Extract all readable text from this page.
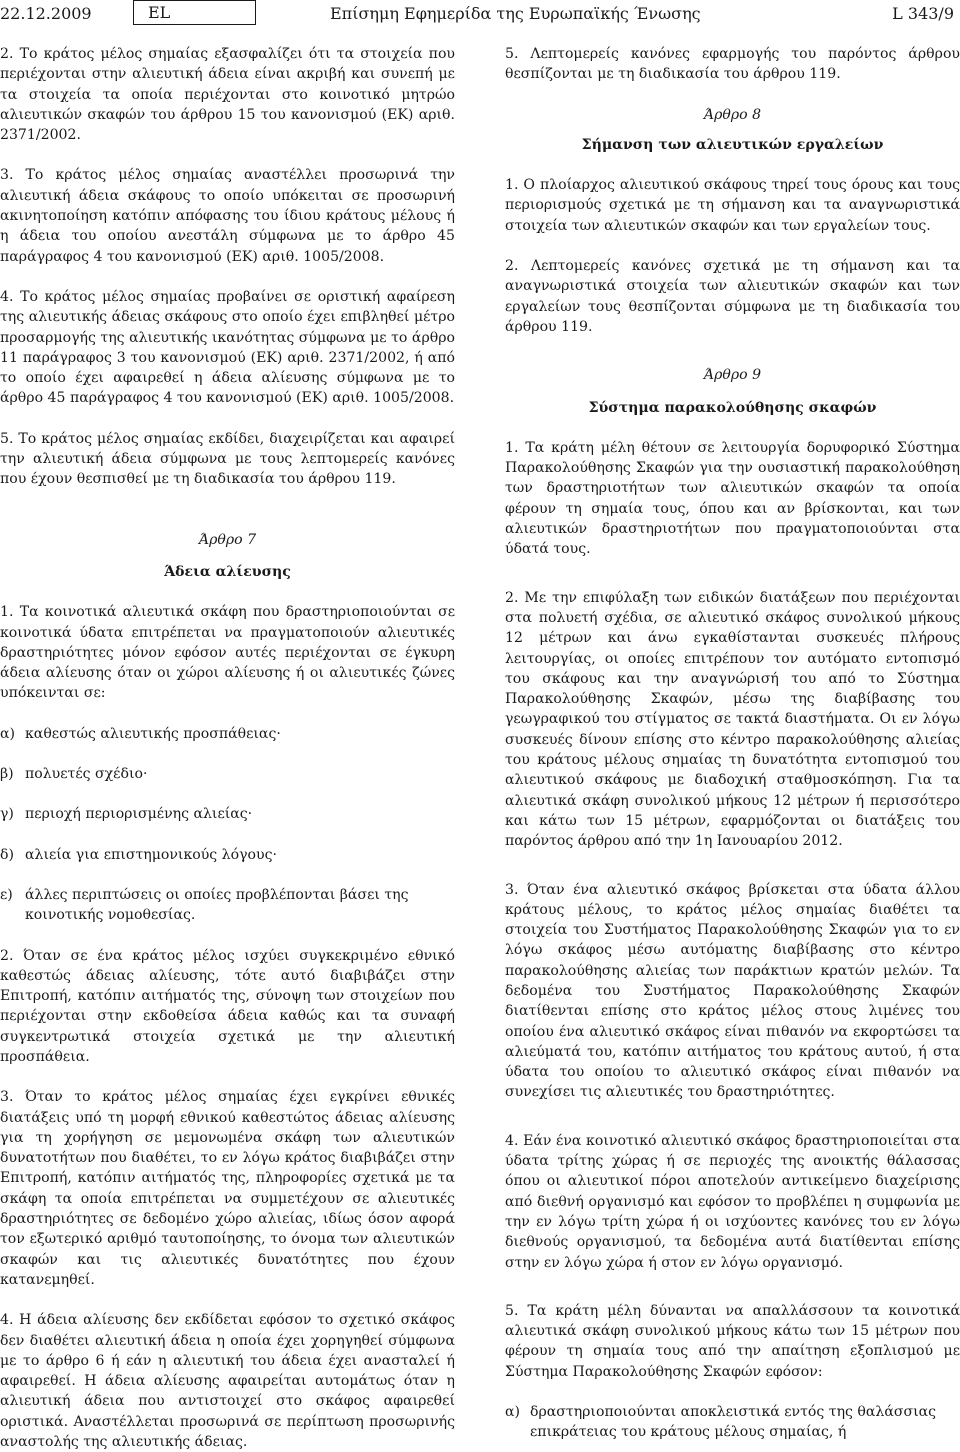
22.12.2009	EL	Επίσημη Εφημερίδα της Ευρωπαϊκής Ένωσης	L 343/9

2. Το κράτος μέλος σημαίας εξασφαλίζει ότι τα στοιχεία που περιέχονται στην αλιευτική άδεια είναι ακριβή και συνεπή με τα στοιχεία τα οποία περιέχονται στο κοινοτικό μητρώο αλιευτικών σκαφών του άρθρου 15 του κανονισμού (ΕΚ) αριθ. 2371/2002.

3. Το κράτος μέλος σημαίας αναστέλλει προσωρινά την αλιευτική άδεια σκάφους το οποίο υπόκειται σε προσωρινή ακινητοποίηση κατόπιν απόφασης του ίδιου κράτους μέλους ή η άδεια του οποίου ανεστάλη σύμφωνα με το άρθρο 45 παράγραφος 4 του κανονισμού (ΕΚ) αριθ. 1005/2008.

4. Το κράτος μέλος σημαίας προβαίνει σε οριστική αφαίρεση της αλιευτικής άδειας σκάφους στο οποίο έχει επιβληθεί μέτρο προσαρμογής της αλιευτικής ικανότητας σύμφωνα με το άρθρο 11 παράγραφος 3 του κανονισμού (ΕΚ) αριθ. 2371/2002, ή από το οποίο έχει αφαιρεθεί η άδεια αλίευσης σύμφωνα με το άρθρο 45 παράγραφος 4 του κανονισμού (ΕΚ) αριθ. 1005/2008.

5. Το κράτος μέλος σημαίας εκδίδει, διαχειρίζεται και αφαιρεί την αλιευτική άδεια σύμφωνα με τους λεπτομερείς κανόνες που έχουν θεσπισθεί με τη διαδικασία του άρθρου 119.

Άρθρο 7

Άδεια αλίευσης

1. Τα κοινοτικά αλιευτικά σκάφη που δραστηριοποιούνται σε κοινοτικά ύδατα επιτρέπεται να πραγματοποιούν αλιευτικές δραστηριότητες μόνον εφόσον αυτές περιέχονται σε έγκυρη άδεια αλίευσης όταν οι χώροι αλίευσης ή οι αλιευτικές ζώνες υπόκεινται σε:

α) καθεστώς αλιευτικής προσπάθειας·
β) πολυετές σχέδιο·
γ) περιοχή περιορισμένης αλιείας·
δ) αλιεία για επιστημονικούς λόγους·
ε) άλλες περιπτώσεις οι οποίες προβλέπονται βάσει της κοινοτικής νομοθεσίας.

2. Όταν σε ένα κράτος μέλος ισχύει συγκεκριμένο εθνικό καθεστώς άδειας αλίευσης, τότε αυτό διαβιβάζει στην Επιτροπή, κατόπιν αιτήματός της, σύνοψη των στοιχείων που περιέχονται στην εκδοθείσα άδεια καθώς και τα συναφή συγκεντρωτικά στοιχεία σχετικά με την αλιευτική προσπάθεια.

3. Όταν το κράτος μέλος σημαίας έχει εγκρίνει εθνικές διατάξεις υπό τη μορφή εθνικού καθεστώτος άδειας αλίευσης για τη χορήγηση σε μεμονωμένα σκάφη των αλιευτικών δυνατοτήτων που διαθέτει, το εν λόγω κράτος διαβιβάζει στην Επιτροπή, κατόπιν αιτήματός της, πληροφορίες σχετικά με τα σκάφη τα οποία επιτρέπεται να συμμετέχουν σε αλιευτικές δραστηριότητες σε δεδομένο χώρο αλιείας, ιδίως όσον αφορά τον εξωτερικό αριθμό ταυτοποίησης, το όνομα των αλιευτικών σκαφών και τις αλιευτικές δυνατότητες που έχουν κατανεμηθεί.

4. Η άδεια αλίευσης δεν εκδίδεται εφόσον το σχετικό σκάφος δεν διαθέτει αλιευτική άδεια η οποία έχει χορηγηθεί σύμφωνα με το άρθρο 6 ή εάν η αλιευτική του άδεια έχει ανασταλεί ή αφαιρεθεί. Η άδεια αλίευσης αφαιρείται αυτομάτως όταν η αλιευτική άδεια που αντιστοιχεί στο σκάφος αφαιρεθεί οριστικά. Αναστέλλεται προσωρινά σε περίπτωση προσωρινής αναστολής της αλιευτικής άδειας.

5. Λεπτομερείς κανόνες εφαρμογής του παρόντος άρθρου θεσπίζονται με τη διαδικασία του άρθρου 119.

Άρθρο 8

Σήμανση των αλιευτικών εργαλείων

1. Ο πλοίαρχος αλιευτικού σκάφους τηρεί τους όρους και τους περιορισμούς σχετικά με τη σήμανση και τα αναγνωριστικά στοιχεία των αλιευτικών σκαφών και των εργαλείων τους.

2. Λεπτομερείς κανόνες σχετικά με τη σήμανση και τα αναγνωριστικά στοιχεία των αλιευτικών σκαφών και των εργαλείων τους θεσπίζονται σύμφωνα με τη διαδικασία του άρθρου 119.

Άρθρο 9

Σύστημα παρακολούθησης σκαφών

1. Τα κράτη μέλη θέτουν σε λειτουργία δορυφορικό Σύστημα Παρακολούθησης Σκαφών για την ουσιαστική παρακολούθηση των δραστηριοτήτων των αλιευτικών σκαφών τα οποία φέρουν τη σημαία τους, όπου και αν βρίσκονται, και των αλιευτικών δραστηριοτήτων που πραγματοποιούνται στα ύδατά τους.

2. Με την επιφύλαξη των ειδικών διατάξεων που περιέχονται στα πολυετή σχέδια, σε αλιευτικό σκάφος συνολικού μήκους 12 μέτρων και άνω εγκαθίστανται συσκευές πλήρους λειτουργίας, οι οποίες επιτρέπουν τον αυτόματο εντοπισμό του σκάφους και την αναγνώρισή του από το Σύστημα Παρακολούθησης Σκαφών, μέσω της διαβίβασης του γεωγραφικού του στίγματος σε τακτά διαστήματα. Οι εν λόγω συσκευές δίνουν επίσης στο κέντρο παρακολούθησης αλιείας του κράτους μέλους σημαίας τη δυνατότητα εντοπισμού του αλιευτικού σκάφους με διαδοχική σταθμοσκόπηση. Για τα αλιευτικά σκάφη συνολικού μήκους 12 μέτρων ή περισσότερο και κάτω των 15 μέτρων, εφαρμόζονται οι διατάξεις του παρόντος άρθρου από την 1η Ιανουαρίου 2012.

3. Όταν ένα αλιευτικό σκάφος βρίσκεται στα ύδατα άλλου κράτους μέλους, το κράτος μέλος σημαίας διαθέτει τα στοιχεία του Συστήματος Παρακολούθησης Σκαφών για το εν λόγω σκάφος μέσω αυτόματης διαβίβασης στο κέντρο παρακολούθησης αλιείας των παράκτιων κρατών μελών. Τα δεδομένα του Συστήματος Παρακολούθησης Σκαφών διατίθενται επίσης στο κράτος μέλος στους λιμένες του οποίου ένα αλιευτικό σκάφος είναι πιθανόν να εκφορτώσει τα αλιεύματά του, κατόπιν αιτήματος του κράτους αυτού, ή στα ύδατα του οποίου το αλιευτικό σκάφος είναι πιθανόν να συνεχίσει τις αλιευτικές του δραστηριότητες.

4. Εάν ένα κοινοτικό αλιευτικό σκάφος δραστηριοποιείται στα ύδατα τρίτης χώρας ή σε περιοχές της ανοικτής θάλασσας όπου οι αλιευτικοί πόροι αποτελούν αντικείμενο διαχείρισης από διεθνή οργανισμό και εφόσον το προβλέπει η συμφωνία με την εν λόγω τρίτη χώρα ή οι ισχύοντες κανόνες του εν λόγω διεθνούς οργανισμού, τα δεδομένα αυτά διατίθενται επίσης στην εν λόγω χώρα ή στον εν λόγω οργανισμό.

5. Τα κράτη μέλη δύνανται να απαλλάσσουν τα κοινοτικά αλιευτικά σκάφη συνολικού μήκους κάτω των 15 μέτρων που φέρουν τη σημαία τους από την απαίτηση εξοπλισμού με Σύστημα Παρακολούθησης Σκαφών εφόσον:

α) δραστηριοποιούνται αποκλειστικά εντός της θαλάσσιας επικράτειας του κράτους μέλους σημαίας, ή
